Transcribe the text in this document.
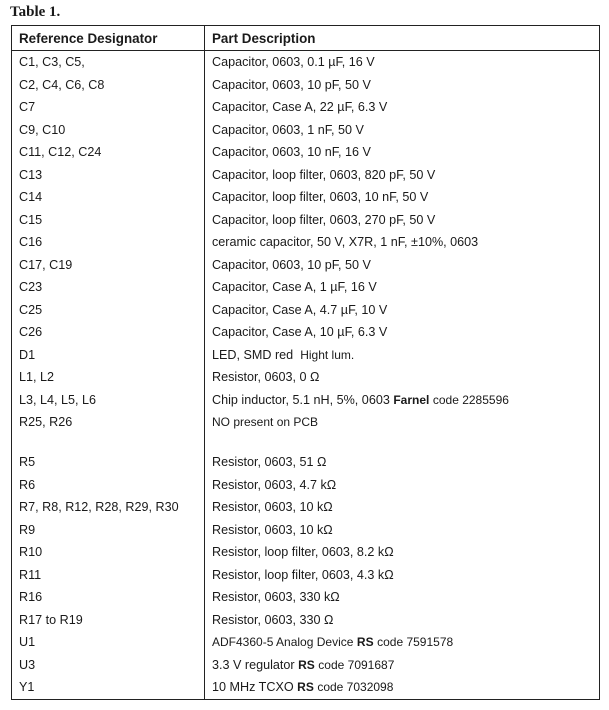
Table 1.
Reference Designator	Part Description
C1, C3, C5,	Capacitor, 0603, 0.1 µF, 16 V
C2, C4, C6, C8	Capacitor, 0603, 10 pF, 50 V
C7	Capacitor, Case A, 22 µF, 6.3 V
C9, C10	Capacitor, 0603, 1 nF, 50 V
C11, C12, C24	Capacitor, 0603, 10 nF, 16 V
C13	Capacitor, loop filter, 0603, 820 pF, 50 V
C14	Capacitor, loop filter, 0603, 10 nF, 50 V
C15	Capacitor, loop filter, 0603, 270 pF, 50 V
C16	ceramic capacitor, 50 V, X7R, 1 nF, ±10%, 0603
C17, C19	Capacitor, 0603, 10 pF, 50 V
C23	Capacitor, Case A, 1 µF, 16 V
C25	Capacitor, Case A, 4.7 µF, 10 V
C26	Capacitor, Case A, 10 µF, 6.3 V
D1	LED, SMD red Hight lum.
L1, L2	Resistor, 0603, 0 Ω
L3, L4, L5, L6	Chip inductor, 5.1 nH, 5%, 0603 Farnel code 2285596
R25, R26	NO present on PCB
R5	Resistor, 0603, 51 Ω
R6	Resistor, 0603, 4.7 kΩ
R7, R8, R12, R28, R29, R30	Resistor, 0603, 10 kΩ
R9	Resistor, 0603, 10 kΩ
R10	Resistor, loop filter, 0603, 8.2 kΩ
R11	Resistor, loop filter, 0603, 4.3 kΩ
R16	Resistor, 0603, 330 kΩ
R17 to R19	Resistor, 0603, 330 Ω
U1	ADF4360-5 Analog Device RS code 7591578
U3	3.3 V regulator RS code 7091687
Y1	10 MHz TCXO RS code 7032098
